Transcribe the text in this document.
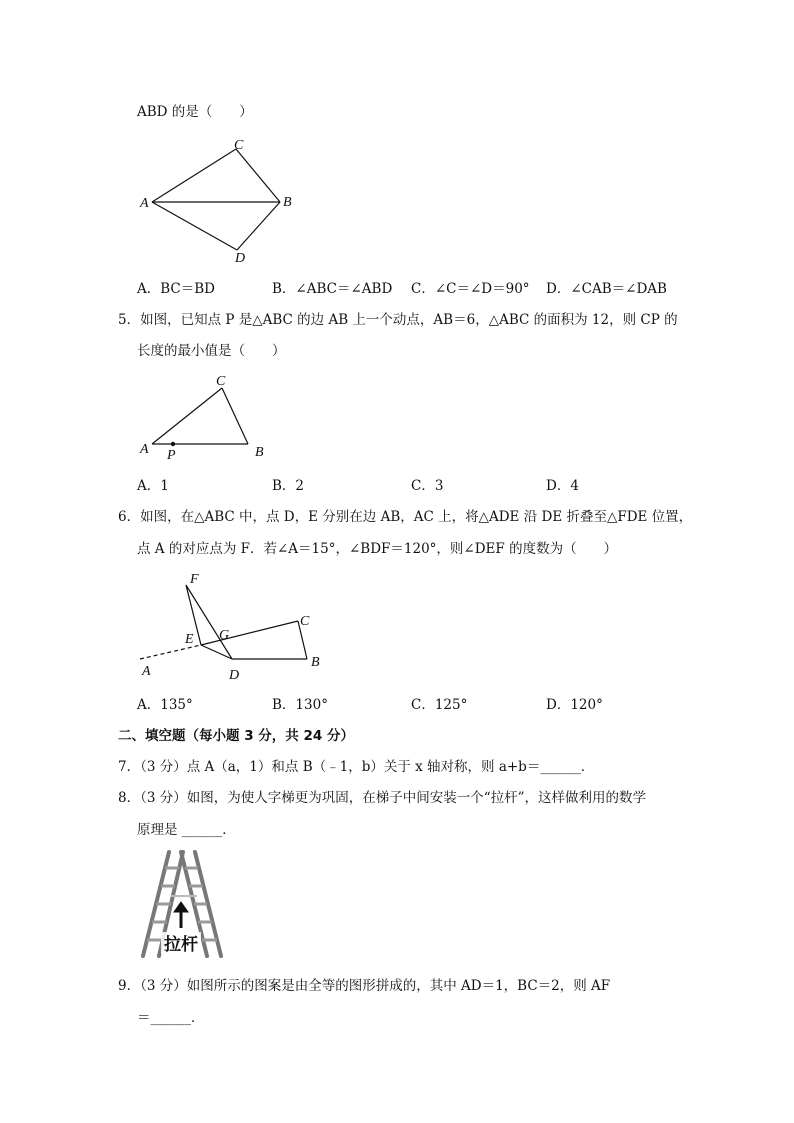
ABD 的是（　　）
A
C
B
D
A．BC＝BD	B．∠ABC＝∠ABD C．∠C＝∠D＝90° D．∠CAB＝∠DAB
5．如图，已知点 P 是△ABC 的边 AB 上一个动点，AB＝6，△ABC 的面积为 12，则 CP 的
长度的最小值是（　　）
A P
C
B
A．1	B．2	C．3	D．4
6．如图，在△ABC 中，点 D，E 分别在边 AB，AC 上，将△ADE 沿 DE 折叠至△FDE 位置，
点 A 的对应点为 F．若∠A＝15°，∠BDF＝120°，则∠DEF 的度数为（　　）
F
E G
C
B
A	D
A．135°	B．130°	C．125°	D．120°
二、填空题（每小题 3 分，共 24 分）
7．（3 分）点 A（a，1）和点 B（﹣1，b）关于 x 轴对称，则 a+b＝______．
8．（3 分）如图，为使人字梯更为巩固，在梯子中间安装一个“拉杆”，这样做利用的数学
原理是 ______．
拉杆
9．（3 分）如图所示的图案是由全等的图形拼成的，其中 AD＝1，BC＝2，则 AF
＝______．
